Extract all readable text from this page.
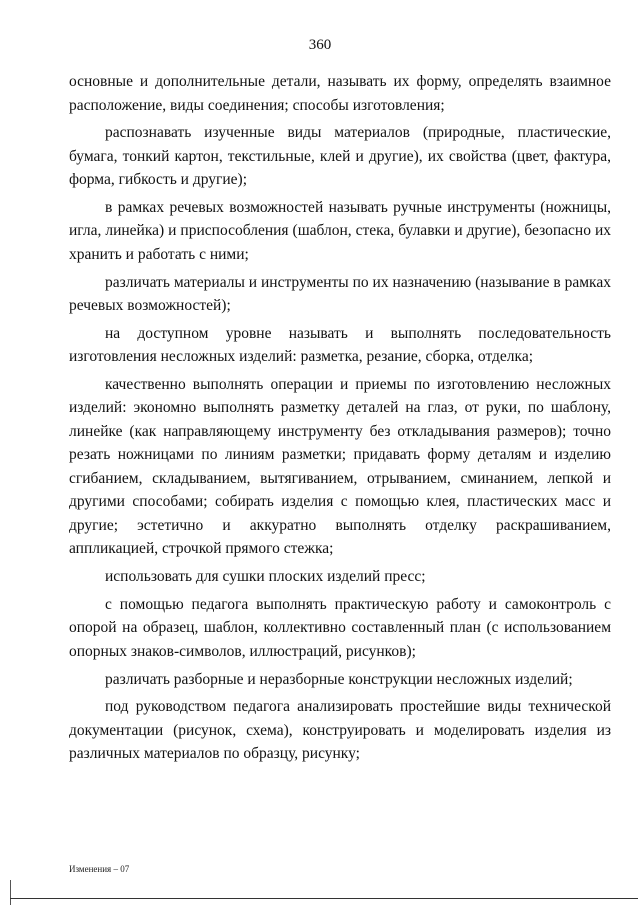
360

основные и дополнительные детали, называть их форму, определять взаимное расположение, виды соединения; способы изготовления;

распознавать изученные виды материалов (природные, пластические, бумага, тонкий картон, текстильные, клей и другие), их свойства (цвет, фактура, форма, гибкость и другие);

в рамках речевых возможностей называть ручные инструменты (ножницы, игла, линейка) и приспособления (шаблон, стека, булавки и другие), безопасно их хранить и работать с ними;

различать материалы и инструменты по их назначению (называние в рамках речевых возможностей);

на доступном уровне называть и выполнять последовательность изготовления несложных изделий: разметка, резание, сборка, отделка;

качественно выполнять операции и приемы по изготовлению несложных изделий: экономно выполнять разметку деталей на глаз, от руки, по шаблону, линейке (как направляющему инструменту без откладывания размеров); точно резать ножницами по линиям разметки; придавать форму деталям и изделию сгибанием, складыванием, вытягиванием, отрыванием, сминанием, лепкой и другими способами; собирать изделия с помощью клея, пластических масс и другие; эстетично и аккуратно выполнять отделку раскрашиванием, аппликацией, строчкой прямого стежка;

использовать для сушки плоских изделий пресс;

с помощью педагога выполнять практическую работу и самоконтроль с опорой на образец, шаблон, коллективно составленный план (с использованием опорных знаков-символов, иллюстраций, рисунков);

различать разборные и неразборные конструкции несложных изделий;

под руководством педагога анализировать простейшие виды технической документации (рисунок, схема), конструировать и моделировать изделия из различных материалов по образцу, рисунку;

Изменения – 07
